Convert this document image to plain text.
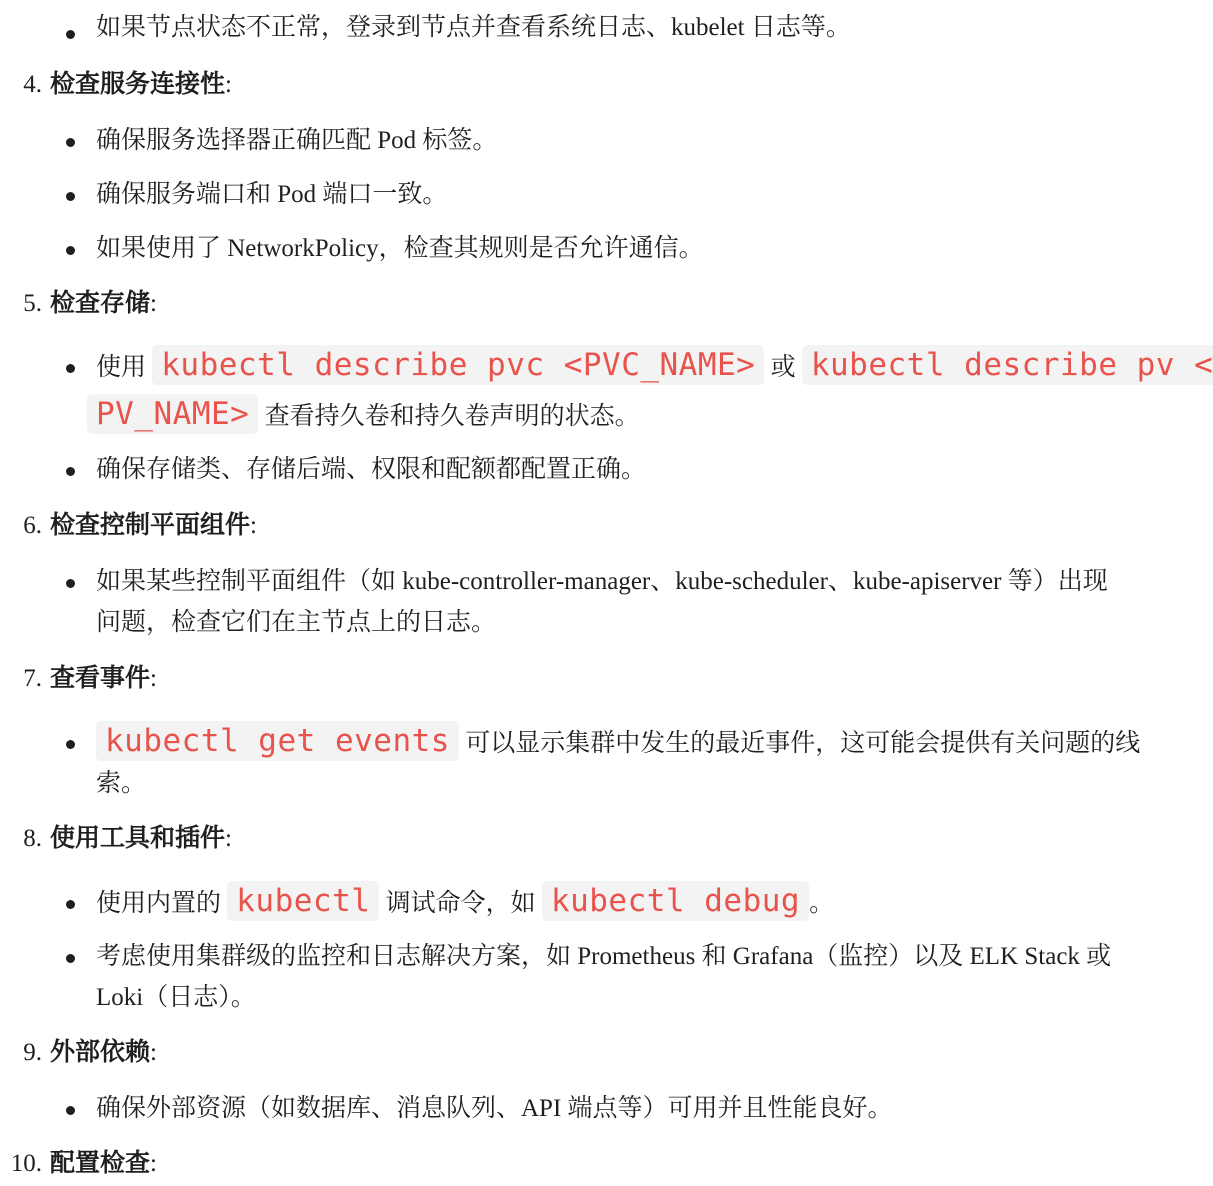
如果节点状态不正常，登录到节点并查看系统日志、kubelet 日志等。
4. 检查服务连接性:
确保服务选择器正确匹配 Pod 标签。
确保服务端口和 Pod 端口一致。
如果使用了 NetworkPolicy，检查其规则是否允许通信。
5. 检查存储:
使用 kubectl describe pvc <PVC_NAME> 或 kubectl describe pv <
PV_NAME> 查看持久卷和持久卷声明的状态。
确保存储类、存储后端、权限和配额都配置正确。
6. 检查控制平面组件:
如果某些控制平面组件（如 kube-controller-manager、kube-scheduler、kube-apiserver 等）出现
问题，检查它们在主节点上的日志。
7. 查看事件:
kubectl get events 可以显示集群中发生的最近事件，这可能会提供有关问题的线
索。
8. 使用工具和插件:
使用内置的 kubectl 调试命令，如 kubectl debug 。
考虑使用集群级的监控和日志解决方案，如 Prometheus 和 Grafana（监控）以及 ELK Stack 或
Loki（日志）。
9. 外部依赖:
确保外部资源（如数据库、消息队列、API 端点等）可用并且性能良好。
10. 配置检查:
